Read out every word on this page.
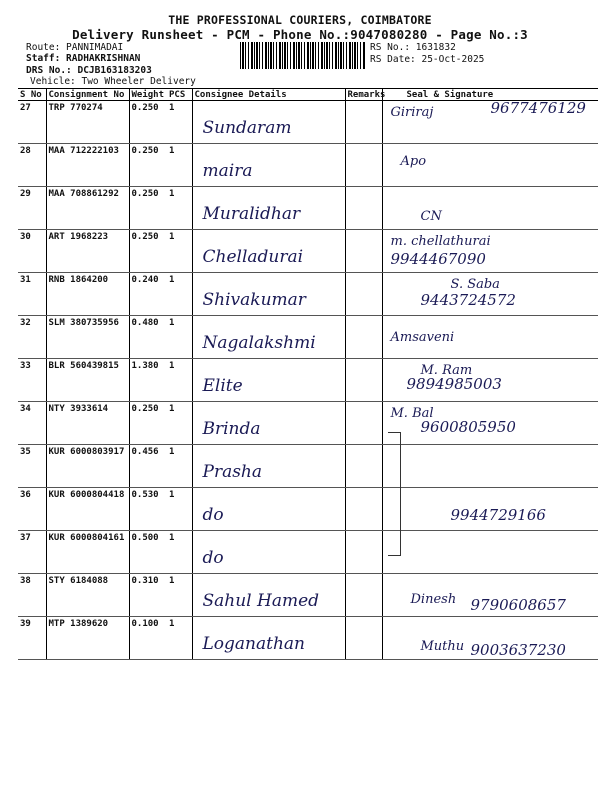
THE PROFESSIONAL COURIERS, COIMBATORE
Delivery Runsheet - PCM - Phone No.:9047080280 - Page No.:3
Route: PANNIMADAI
Staff: RADHAKRISHNAN
DRS No.: DCJB163183203
Vehicle: Two Wheeler Delivery
RS No.: 1631832
RS Date: 25-Oct-2025
S No	Consignment No	Weight	PCS	Consignee Details	Remarks	Seal & Signature
27	TRP 770274	0.250	1	Sundaram		Giriraj 9677476129

28	MAA 712222103	0.250	1	maira		Apo

29	MAA 708861292	0.250	1	Muralidhar		CN

30	ART 1968223	0.250	1	Chelladurai		m. chellathurai
9944467090

31	RNB 1864200	0.240	1	Shivakumar		S. Saba
9443724572

32	SLM 380735956	0.480	1	Nagalakshmi		Amsaveni

33	BLR 560439815	1.380	1	Elite		M. Ram
9894985003

34	NTY 3933614	0.250	1	Brinda		M. Bal
9600805950

35	KUR 6000803917	0.456	1	Prasha		

36	KUR 6000804418	0.530	1	do		9944729166

37	KUR 6000804161	0.500	1	do		

38	STY 6184088	0.310	1	Sahul Hamed		Dinesh 9790608657

39	MTP 1389620	0.100	1	Loganathan		Muthu 9003637230
